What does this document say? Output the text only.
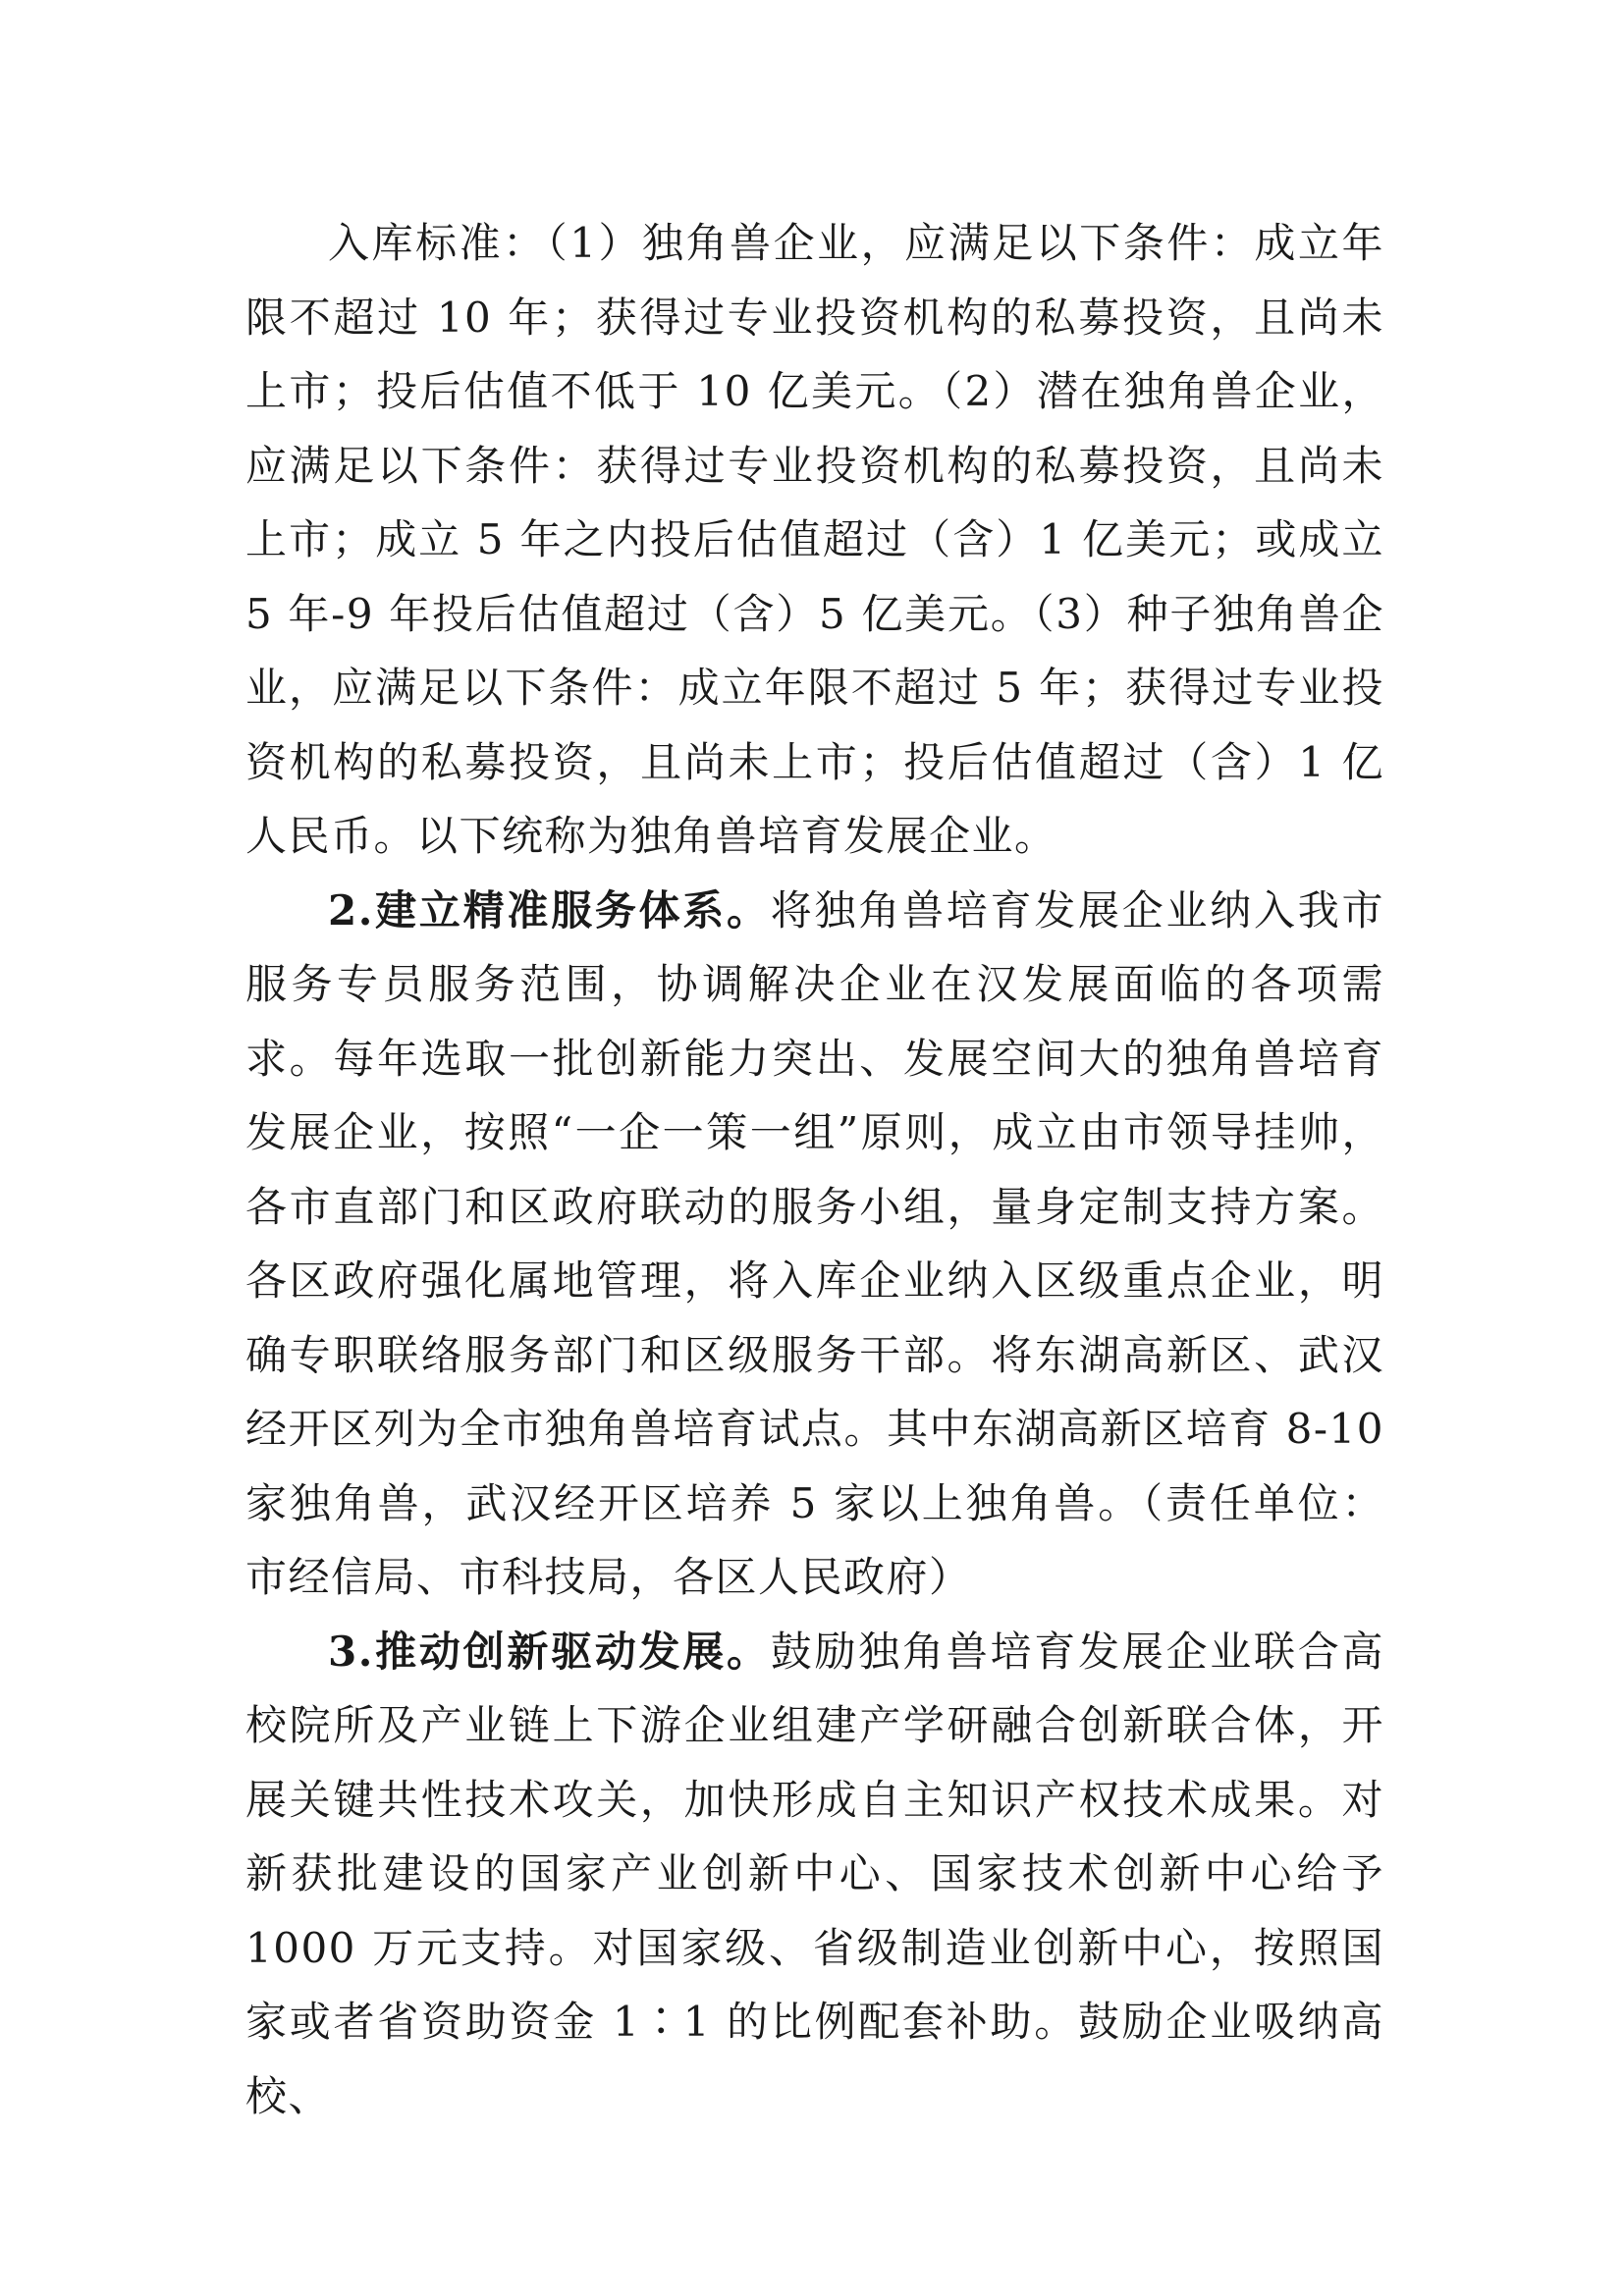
入库标准：（1）独角兽企业，应满足以下条件：成立年限不超过 10 年；获得过专业投资机构的私募投资，且尚未上市；投后估值不低于 10 亿美元。（2）潜在独角兽企业，应满足以下条件：获得过专业投资机构的私募投资，且尚未上市；成立 5 年之内投后估值超过（含）1 亿美元；或成立 5 年-9 年投后估值超过（含）5 亿美元。（3）种子独角兽企业，应满足以下条件：成立年限不超过 5 年；获得过专业投资机构的私募投资，且尚未上市；投后估值超过（含）1 亿人民币。以下统称为独角兽培育发展企业。

2.建立精准服务体系。将独角兽培育发展企业纳入我市服务专员服务范围，协调解决企业在汉发展面临的各项需求。每年选取一批创新能力突出、发展空间大的独角兽培育发展企业，按照“一企一策一组”原则，成立由市领导挂帅，各市直部门和区政府联动的服务小组，量身定制支持方案。各区政府强化属地管理，将入库企业纳入区级重点企业，明确专职联络服务部门和区级服务干部。将东湖高新区、武汉经开区列为全市独角兽培育试点。其中东湖高新区培育 8-10 家独角兽，武汉经开区培养 5 家以上独角兽。（责任单位：市经信局、市科技局，各区人民政府）

3.推动创新驱动发展。鼓励独角兽培育发展企业联合高校院所及产业链上下游企业组建产学研融合创新联合体，开展关键共性技术攻关，加快形成自主知识产权技术成果。对新获批建设的国家产业创新中心、国家技术创新中心给予 1000 万元支持。对国家级、省级制造业创新中心，按照国家或者省资助资金 1∶1 的比例配套补助。鼓励企业吸纳高校、
